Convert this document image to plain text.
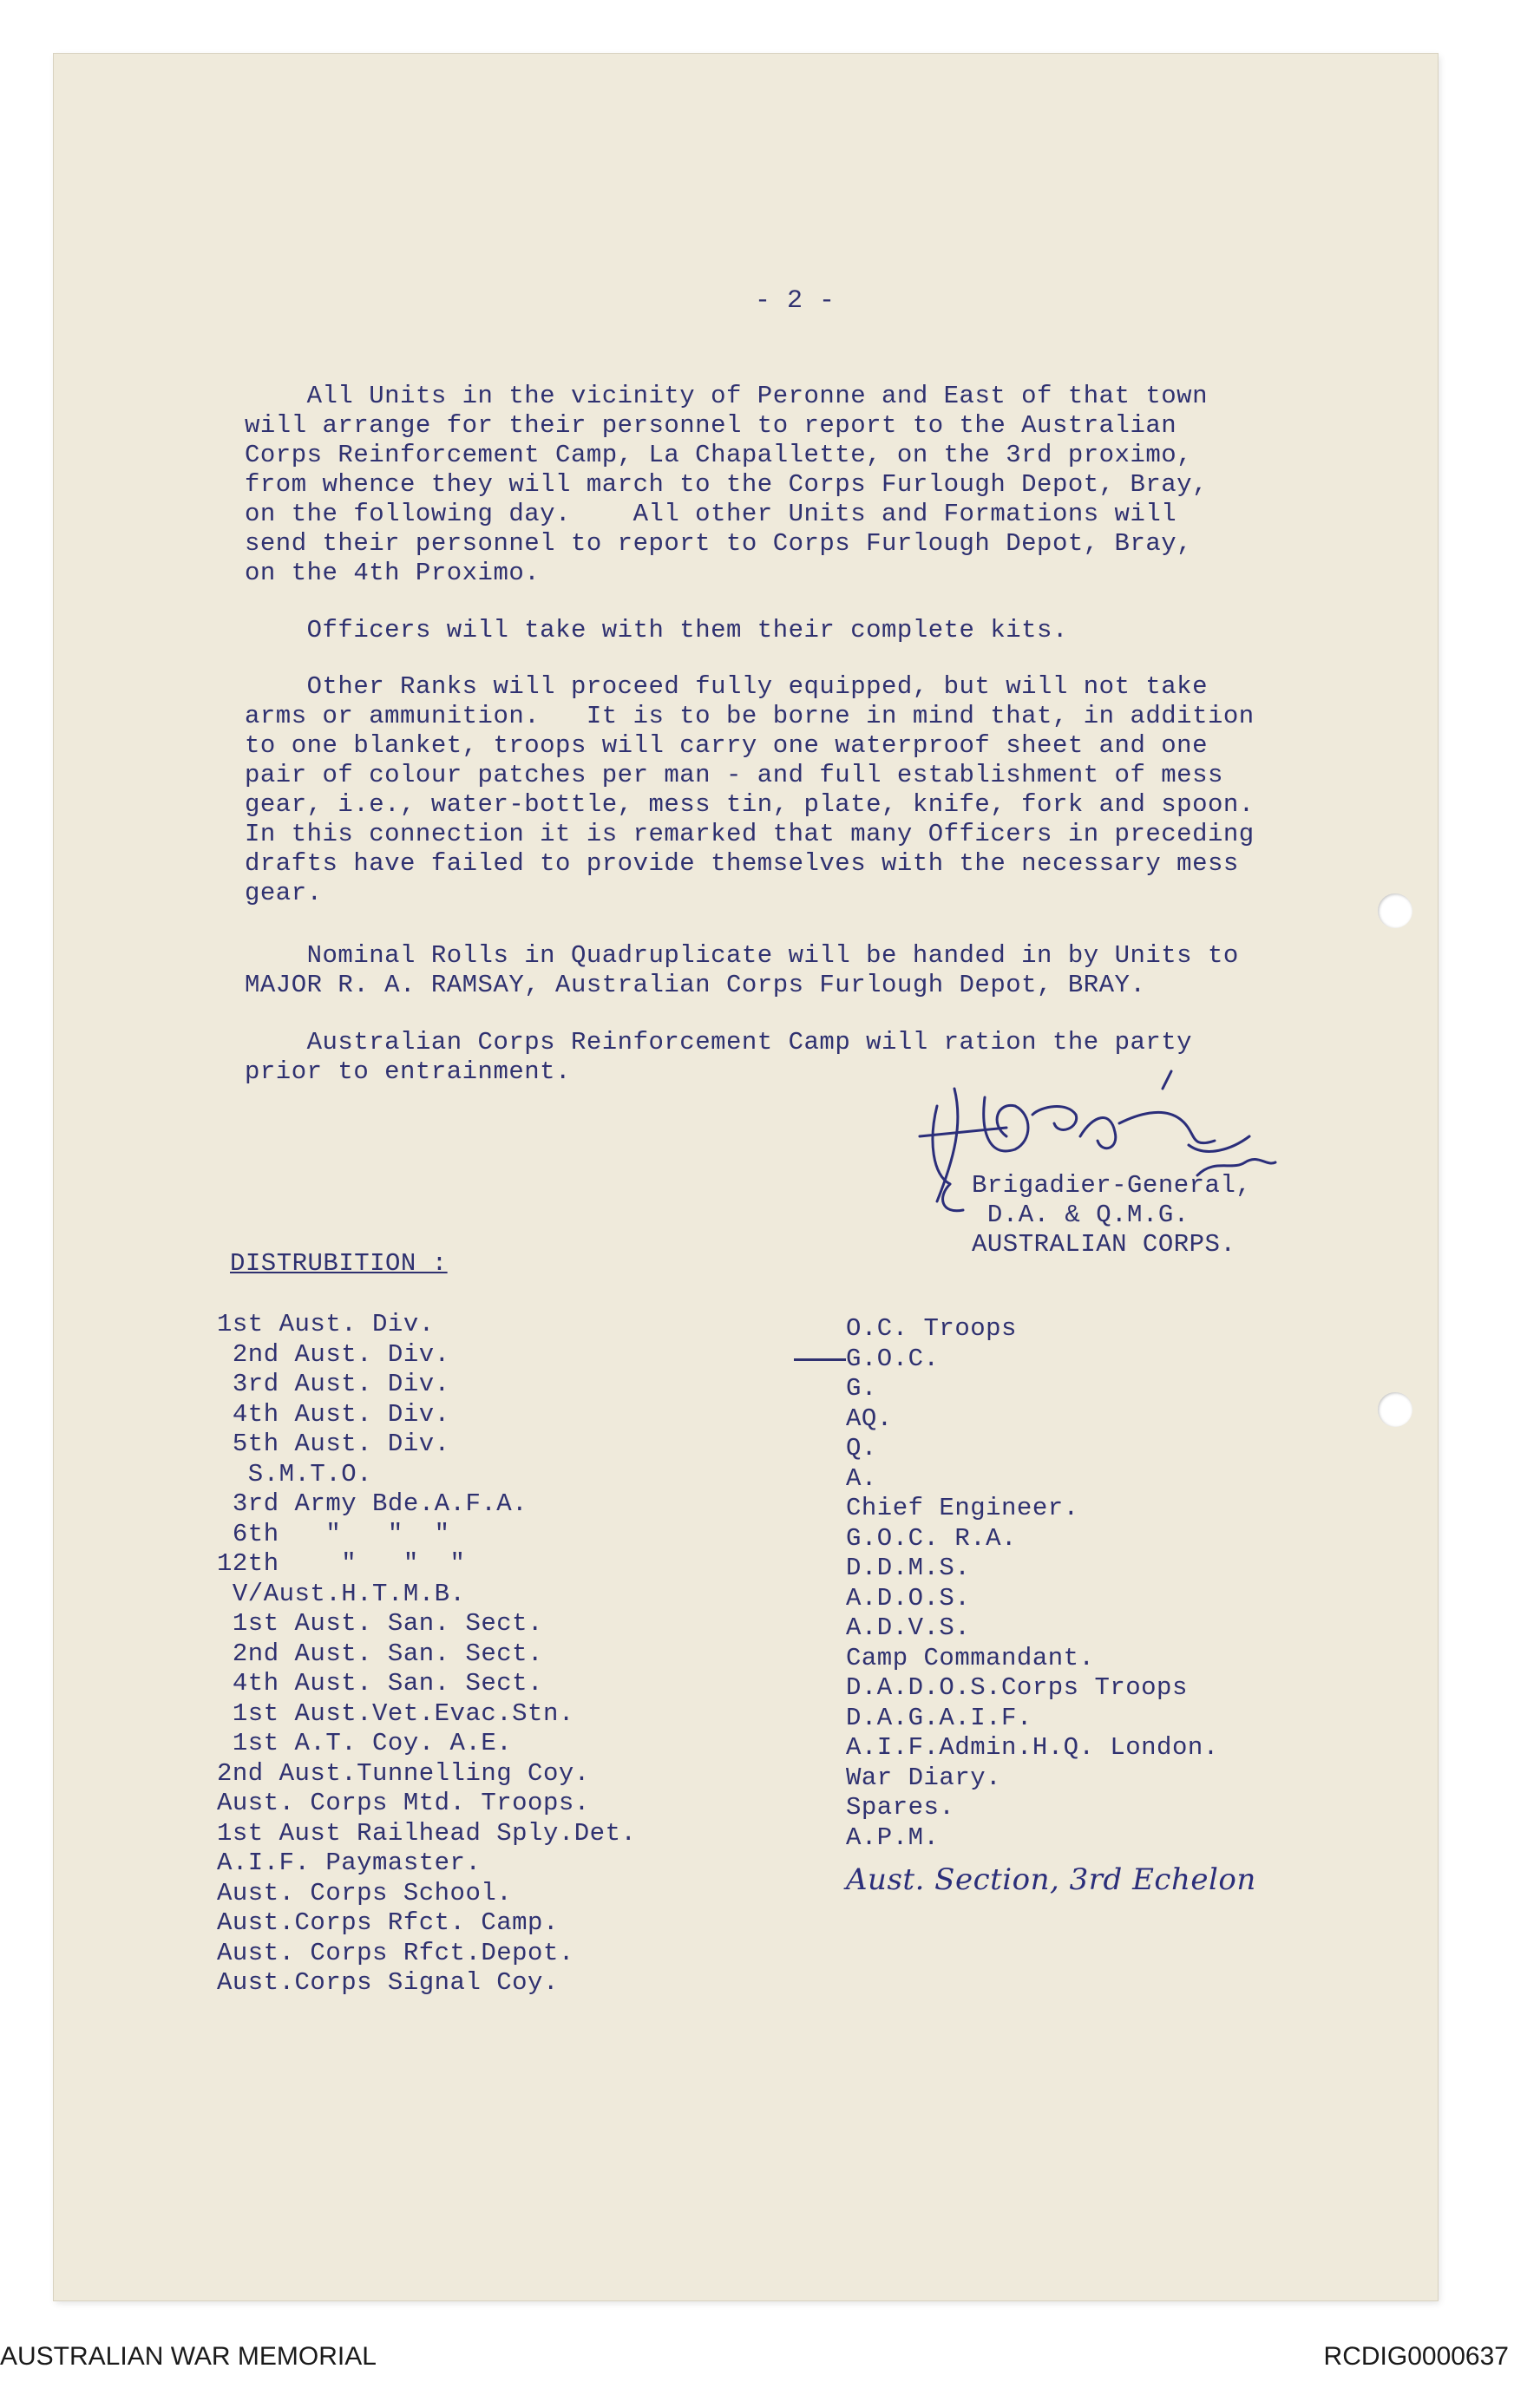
- 2 -

All Units in the vicinity of Peronne and East of that town
will arrange for their personnel to report to the Australian
Corps Reinforcement Camp, La Chapallette, on the 3rd proximo,
from whence they will march to the Corps Furlough Depot, Bray,
on the following day.    All other Units and Formations will
send their personnel to report to Corps Furlough Depot, Bray,
on the 4th Proximo.

Officers will take with them their complete kits.

Other Ranks will proceed fully equipped, but will not take
arms or ammunition.   It is to be borne in mind that, in addition
to one blanket, troops will carry one waterproof sheet and one
pair of colour patches per man - and full establishment of mess
gear, i.e., water-bottle, mess tin, plate, knife, fork and spoon.
In this connection it is remarked that many Officers in preceding
drafts have failed to provide themselves with the necessary mess
gear.

Nominal Rolls in Quadruplicate will be handed in by Units to
MAJOR R. A. RAMSAY, Australian Corps Furlough Depot, BRAY.

Australian Corps Reinforcement Camp will ration the party
prior to entrainment.

Brigadier-General,
D.A. & Q.M.G.
AUSTRALIAN CORPS.
DISTRUBITION :
1st Aust. Div.
2nd Aust. Div.
3rd Aust. Div.
4th Aust. Div.
5th Aust. Div.
S.M.T.O.
3rd Army Bde.A.F.A.
6th   "   "  "
12th    "   "  "
V/Aust.H.T.M.B.
1st Aust. San. Sect.
2nd Aust. San. Sect.
4th Aust. San. Sect.
1st Aust.Vet.Evac.Stn.
1st A.T. Coy. A.E.
2nd Aust.Tunnelling Coy.
Aust. Corps Mtd. Troops.
1st Aust Railhead Sply.Det.
A.I.F. Paymaster.
Aust. Corps School.
Aust.Corps Rfct. Camp.
Aust. Corps Rfct.Depot.
Aust.Corps Signal Coy.
O.C. Troops
G.O.C.
G.
AQ.
Q.
A.
Chief Engineer.
G.O.C. R.A.
D.D.M.S.
A.D.O.S.
A.D.V.S.
Camp Commandant.
D.A.D.O.S.Corps Troops
D.A.G.A.I.F.
A.I.F.Admin.H.Q. London.
War Diary.
Spares.
A.P.M.
Aust. Section, 3rd Echelon
AUSTRALIAN WAR MEMORIAL	RCDIG0000637
